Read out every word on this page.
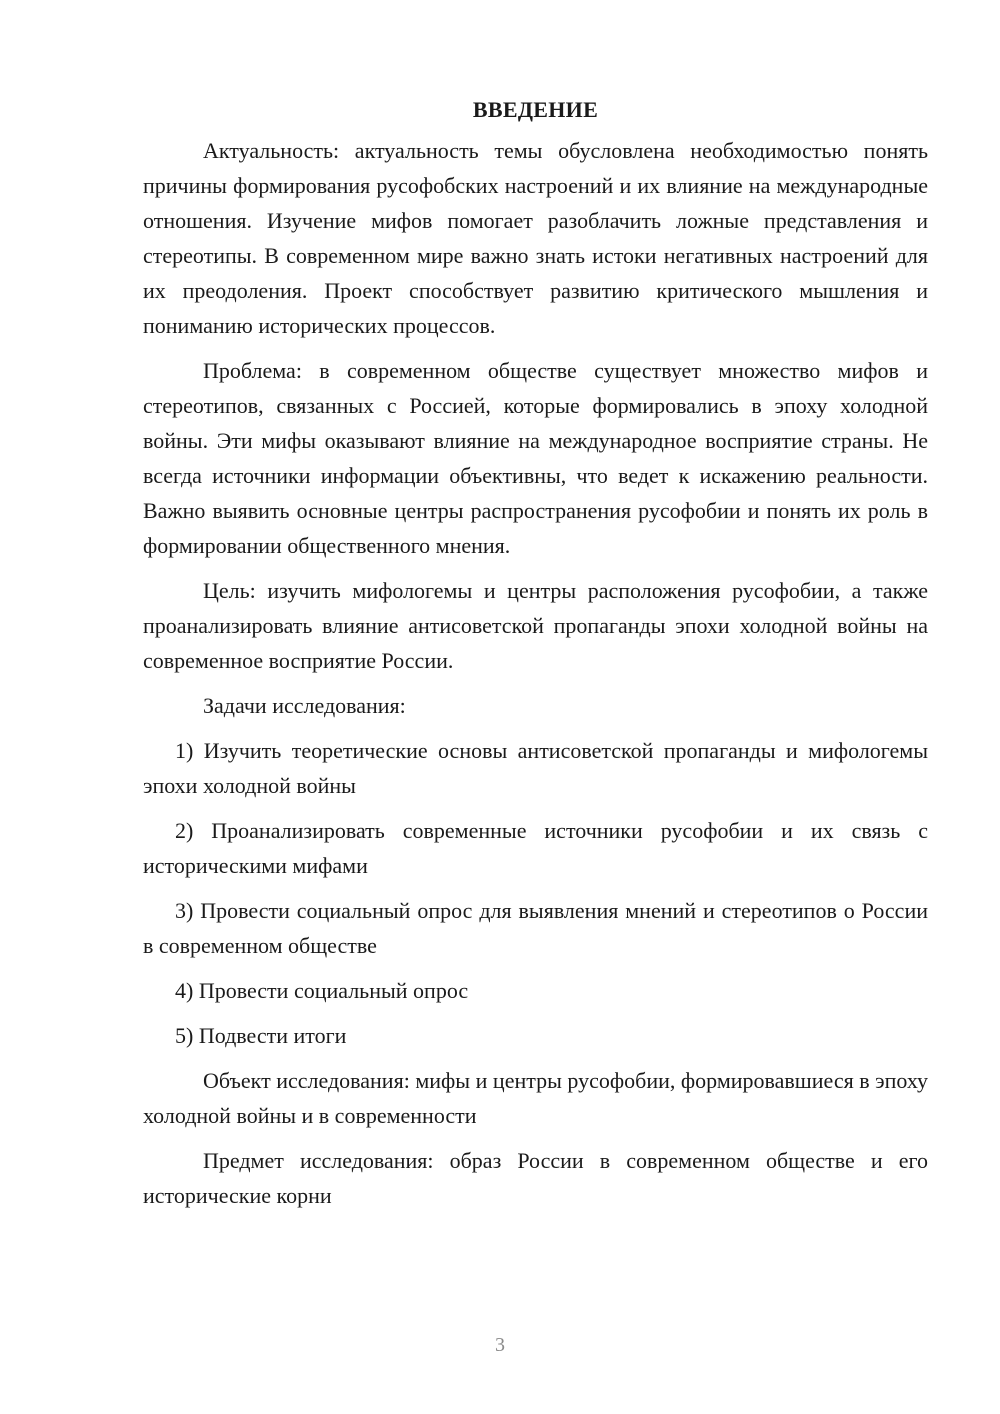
ВВЕДЕНИЕ

Актуальность: актуальность темы обусловлена необходимостью понять причины формирования русофобских настроений и их влияние на международные отношения. Изучение мифов помогает разоблачить ложные представления и стереотипы. В современном мире важно знать истоки негативных настроений для их преодоления. Проект способствует развитию критического мышления и пониманию исторических процессов.

Проблема: в современном обществе существует множество мифов и стереотипов, связанных с Россией, которые формировались в эпоху холодной войны. Эти мифы оказывают влияние на международное восприятие страны. Не всегда источники информации объективны, что ведет к искажению реальности. Важно выявить основные центры распространения русофобии и понять их роль в формировании общественного мнения.

Цель: изучить мифологемы и центры расположения русофобии, а также проанализировать влияние антисоветской пропаганды эпохи холодной войны на современное восприятие России.

Задачи исследования:

1) Изучить теоретические основы антисоветской пропаганды и мифологемы эпохи холодной войны

2) Проанализировать современные источники русофобии и их связь с историческими мифами

3) Провести социальный опрос для выявления мнений и стереотипов о России в современном обществе

4) Провести социальный опрос

5) Подвести итоги

Объект исследования: мифы и центры русофобии, формировавшиеся в эпоху холодной войны и в современности

Предмет исследования: образ России в современном обществе и его исторические корни

3
